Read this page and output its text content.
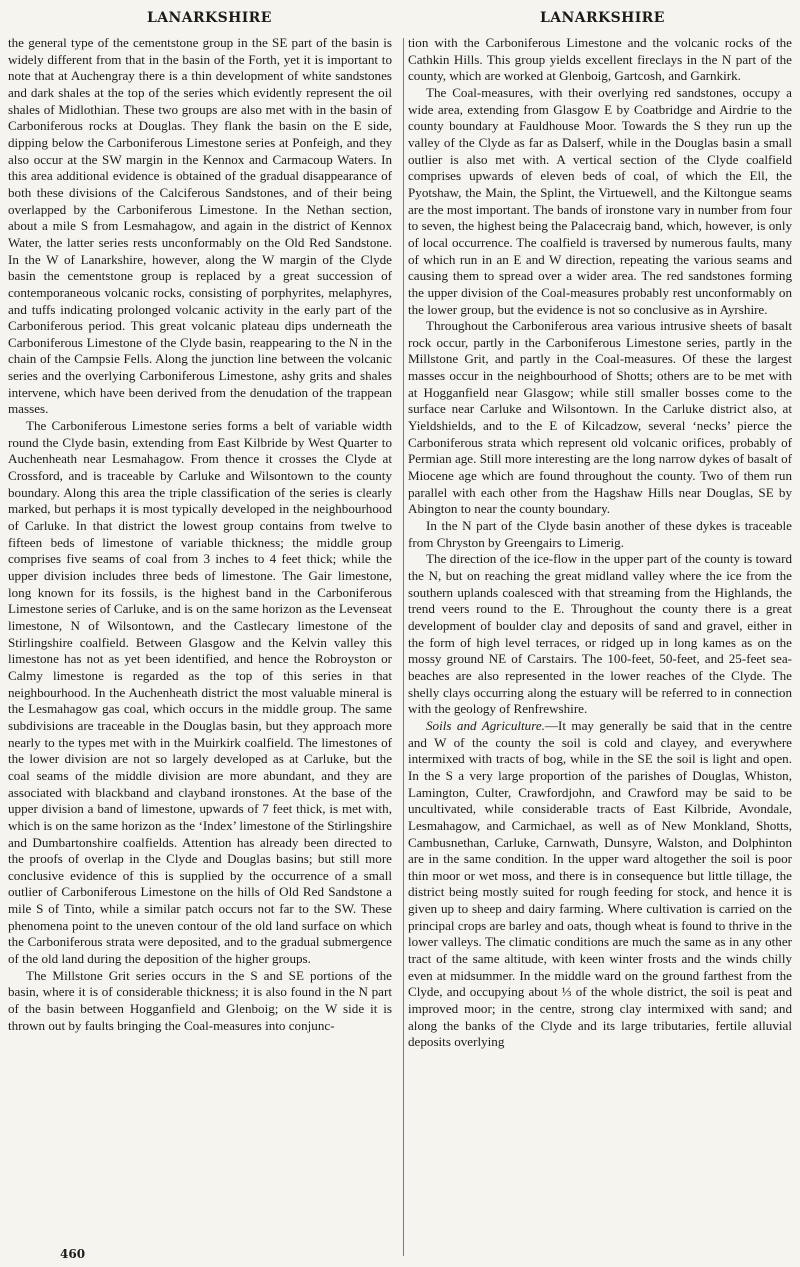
LANARKSHIRE	LANARKSHIRE

the general type of the cementstone group in the SE part of the basin is widely different from that in the basin of the Forth, yet it is important to note that at Auchengray there is a thin development of white sandstones and dark shales at the top of the series which evidently represent the oil shales of Midlothian. These two groups are also met with in the basin of Carboniferous rocks at Douglas. They flank the basin on the E side, dipping below the Carboniferous Limestone series at Ponfeigh, and they also occur at the SW margin in the Kennox and Carmacoup Waters. In this area additional evidence is obtained of the gradual disappearance of both these divisions of the Calciferous Sandstones, and of their being overlapped by the Carboniferous Limestone. In the Nethan section, about a mile S from Lesmahagow, and again in the district of Kennox Water, the latter series rests unconformably on the Old Red Sandstone. In the W of Lanarkshire, however, along the W margin of the Clyde basin the cementstone group is replaced by a great succession of contemporaneous volcanic rocks, consisting of porphyrites, melaphyres, and tuffs indicating prolonged volcanic activity in the early part of the Carboniferous period. This great volcanic plateau dips underneath the Carboniferous Limestone of the Clyde basin, reappearing to the N in the chain of the Campsie Fells. Along the junction line between the volcanic series and the overlying Carboniferous Limestone, ashy grits and shales intervene, which have been derived from the denudation of the trappean masses.

The Carboniferous Limestone series forms a belt of variable width round the Clyde basin, extending from East Kilbride by West Quarter to Auchenheath near Lesmahagow. From thence it crosses the Clyde at Crossford, and is traceable by Carluke and Wilsontown to the county boundary. Along this area the triple classification of the series is clearly marked, but perhaps it is most typically developed in the neighbourhood of Carluke. In that district the lowest group contains from twelve to fifteen beds of limestone of variable thickness; the middle group comprises five seams of coal from 3 inches to 4 feet thick; while the upper division includes three beds of limestone. The Gair limestone, long known for its fossils, is the highest band in the Carboniferous Limestone series of Carluke, and is on the same horizon as the Levenseat limestone, N of Wilsontown, and the Castlecary limestone of the Stirlingshire coalfield. Between Glasgow and the Kelvin valley this limestone has not as yet been identified, and hence the Robroyston or Calmy limestone is regarded as the top of this series in that neighbourhood. In the Auchenheath district the most valuable mineral is the Lesmahagow gas coal, which occurs in the middle group. The same subdivisions are traceable in the Douglas basin, but they approach more nearly to the types met with in the Muirkirk coalfield. The limestones of the lower division are not so largely developed as at Carluke, but the coal seams of the middle division are more abundant, and they are associated with blackband and clayband ironstones. At the base of the upper division a band of limestone, upwards of 7 feet thick, is met with, which is on the same horizon as the ‘Index’ limestone of the Stirlingshire and Dumbartonshire coalfields. Attention has already been directed to the proofs of overlap in the Clyde and Douglas basins; but still more conclusive evidence of this is supplied by the occurrence of a small outlier of Carboniferous Limestone on the hills of Old Red Sandstone a mile S of Tinto, while a similar patch occurs not far to the SW. These phenomena point to the uneven contour of the old land surface on which the Carboniferous strata were deposited, and to the gradual submergence of the old land during the deposition of the higher groups.

The Millstone Grit series occurs in the S and SE portions of the basin, where it is of considerable thickness; it is also found in the N part of the basin between Hogganfield and Glenboig; on the W side it is thrown out by faults bringing the Coal-measures into conjunc-

tion with the Carboniferous Limestone and the volcanic rocks of the Cathkin Hills. This group yields excellent fireclays in the N part of the county, which are worked at Glenboig, Gartcosh, and Garnkirk.

The Coal-measures, with their overlying red sandstones, occupy a wide area, extending from Glasgow E by Coatbridge and Airdrie to the county boundary at Fauldhouse Moor. Towards the S they run up the valley of the Clyde as far as Dalserf, while in the Douglas basin a small outlier is also met with. A vertical section of the Clyde coalfield comprises upwards of eleven beds of coal, of which the Ell, the Pyotshaw, the Main, the Splint, the Virtuewell, and the Kiltongue seams are the most important. The bands of ironstone vary in number from four to seven, the highest being the Palacecraig band, which, however, is only of local occurrence. The coalfield is traversed by numerous faults, many of which run in an E and W direction, repeating the various seams and causing them to spread over a wider area. The red sandstones forming the upper division of the Coal-measures probably rest unconformably on the lower group, but the evidence is not so conclusive as in Ayrshire.

Throughout the Carboniferous area various intrusive sheets of basalt rock occur, partly in the Carboniferous Limestone series, partly in the Millstone Grit, and partly in the Coal-measures. Of these the largest masses occur in the neighbourhood of Shotts; others are to be met with at Hogganfield near Glasgow; while still smaller bosses come to the surface near Carluke and Wilsontown. In the Carluke district also, at Yieldshields, and to the E of Kilcadzow, several ‘necks’ pierce the Carboniferous strata which represent old volcanic orifices, probably of Permian age. Still more interesting are the long narrow dykes of basalt of Miocene age which are found throughout the county. Two of them run parallel with each other from the Hagshaw Hills near Douglas, SE by Abington to near the county boundary.

In the N part of the Clyde basin another of these dykes is traceable from Chryston by Greengairs to Limerig.

The direction of the ice-flow in the upper part of the county is toward the N, but on reaching the great midland valley where the ice from the southern uplands coalesced with that streaming from the Highlands, the trend veers round to the E. Throughout the county there is a great development of boulder clay and deposits of sand and gravel, either in the form of high level terraces, or ridged up in long kames as on the mossy ground NE of Carstairs. The 100-feet, 50-feet, and 25-feet sea-beaches are also represented in the lower reaches of the Clyde. The shelly clays occurring along the estuary will be referred to in connection with the geology of Renfrewshire.

Soils and Agriculture.—It may generally be said that in the centre and W of the county the soil is cold and clayey, and everywhere intermixed with tracts of bog, while in the SE the soil is light and open. In the S a very large proportion of the parishes of Douglas, Whiston, Lamington, Culter, Crawfordjohn, and Crawford may be said to be uncultivated, while considerable tracts of East Kilbride, Avondale, Lesmahagow, and Carmichael, as well as of New Monkland, Shotts, Cambusnethan, Carluke, Carnwath, Dunsyre, Walston, and Dolphinton are in the same condition. In the upper ward altogether the soil is poor thin moor or wet moss, and there is in consequence but little tillage, the district being mostly suited for rough feeding for stock, and hence it is given up to sheep and dairy farming. Where cultivation is carried on the principal crops are barley and oats, though wheat is found to thrive in the lower valleys. The climatic conditions are much the same as in any other tract of the same altitude, with keen winter frosts and the winds chilly even at midsummer. In the middle ward on the ground farthest from the Clyde, and occupying about ⅓ of the whole district, the soil is peat and improved moor; in the centre, strong clay intermixed with sand; and along the banks of the Clyde and its large tributaries, fertile alluvial deposits overlying

460
